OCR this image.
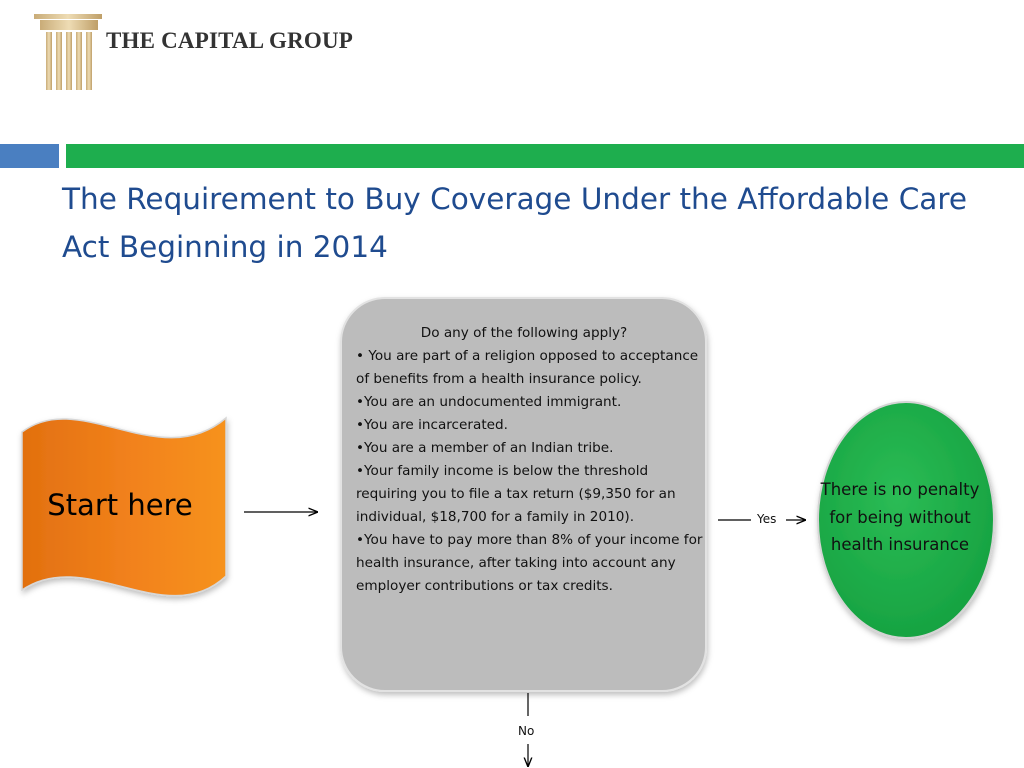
THE CAPITAL GROUP
The Requirement to Buy Coverage Under the Affordable Care Act Beginning in 2014
Start here
Do any of the following apply?
• You are part of a religion opposed to acceptance of benefits from a health insurance policy.
•You are an undocumented immigrant.
•You are incarcerated.
•You are a member of an Indian tribe.
•Your family income is below the threshold requiring you to file a tax return ($9,350 for an individual, $18,700 for a family in 2010).
•You have to pay more than 8% of your income for health insurance, after taking into account any employer contributions or tax credits.
Yes
No
There is no penalty for being without health insurance
